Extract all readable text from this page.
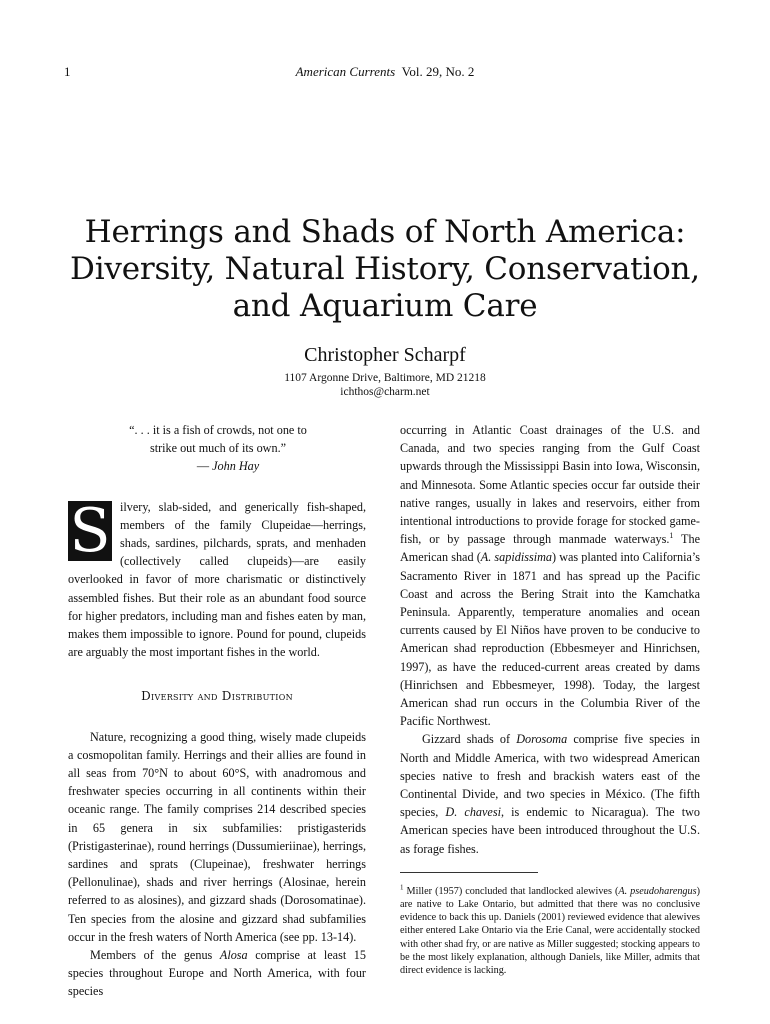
1	American Currents Vol. 29, No. 2
Herrings and Shads of North America:
Diversity, Natural History, Conservation,
and Aquarium Care
Christopher Scharpf
1107 Argonne Drive, Baltimore, MD 21218
ichthos@charm.net

“. . . it is a fish of crowds, not one to
strike out much of its own.”

— John Hay

S ilvery, slab-sided, and generically fish-shaped, members of the family Clupeidae—herrings, shads, sardines, pilchards, sprats, and menhaden (collectively called clupeids)—are easily overlooked in favor of more charismatic or distinctively assembled fishes. But their role as an abundant food source for higher predators, including man and fishes eaten by man, makes them impossible to ignore. Pound for pound, clupeids are arguably the most important fishes in the world.

Diversity and Distribution

Nature, recognizing a good thing, wisely made clupeids a cosmopolitan family. Herrings and their allies are found in all seas from 70°N to about 60°S, with anadromous and freshwater species occurring in all continents within their oceanic range. The family comprises 214 described species in 65 genera in six subfamilies: pristigasterids (Pristigasterinae), round herrings (Dussumieriinae), herrings, sardines and sprats (Clupeinae), freshwater herrings (Pellonulinae), shads and river herrings (Alosinae, herein referred to as alosines), and gizzard shads (Dorosomatinae). Ten species from the alosine and gizzard shad subfamilies occur in the fresh waters of North America (see pp. 13-14).

Members of the genus Alosa comprise at least 15 species throughout Europe and North America, with four species

occurring in Atlantic Coast drainages of the U.S. and Canada, and two species ranging from the Gulf Coast upwards through the Mississippi Basin into Iowa, Wisconsin, and Minnesota. Some Atlantic species occur far outside their native ranges, usually in lakes and reservoirs, either from intentional introductions to provide forage for stocked game-fish, or by passage through manmade waterways.$^1$ The American shad (A. sapidissima) was planted into California’s Sacramento River in 1871 and has spread up the Pacific Coast and across the Bering Strait into the Kamchatka Peninsula. Apparently, temperature anomalies and ocean currents caused by El Niños have proven to be conducive to American shad reproduction (Ebbesmeyer and Hinrichsen, 1997), as have the reduced-current areas created by dams (Hinrichsen and Ebbesmeyer, 1998). Today, the largest American shad run occurs in the Columbia River of the Pacific Northwest.

Gizzard shads of Dorosoma comprise five species in North and Middle America, with two widespread American species native to fresh and brackish waters east of the Continental Divide, and two species in México. (The fifth species, D. chavesi, is endemic to Nicaragua). The two American species have been introduced throughout the U.S. as forage fishes.

$^1$ Miller (1957) concluded that landlocked alewives (A. pseudoharengus) are native to Lake Ontario, but admitted that there was no conclusive evidence to back this up. Daniels (2001) reviewed evidence that alewives either entered Lake Ontario via the Erie Canal, were accidentally stocked with other shad fry, or are native as Miller suggested; stocking appears to be the most likely explanation, although Daniels, like Miller, admits that direct evidence is lacking.
